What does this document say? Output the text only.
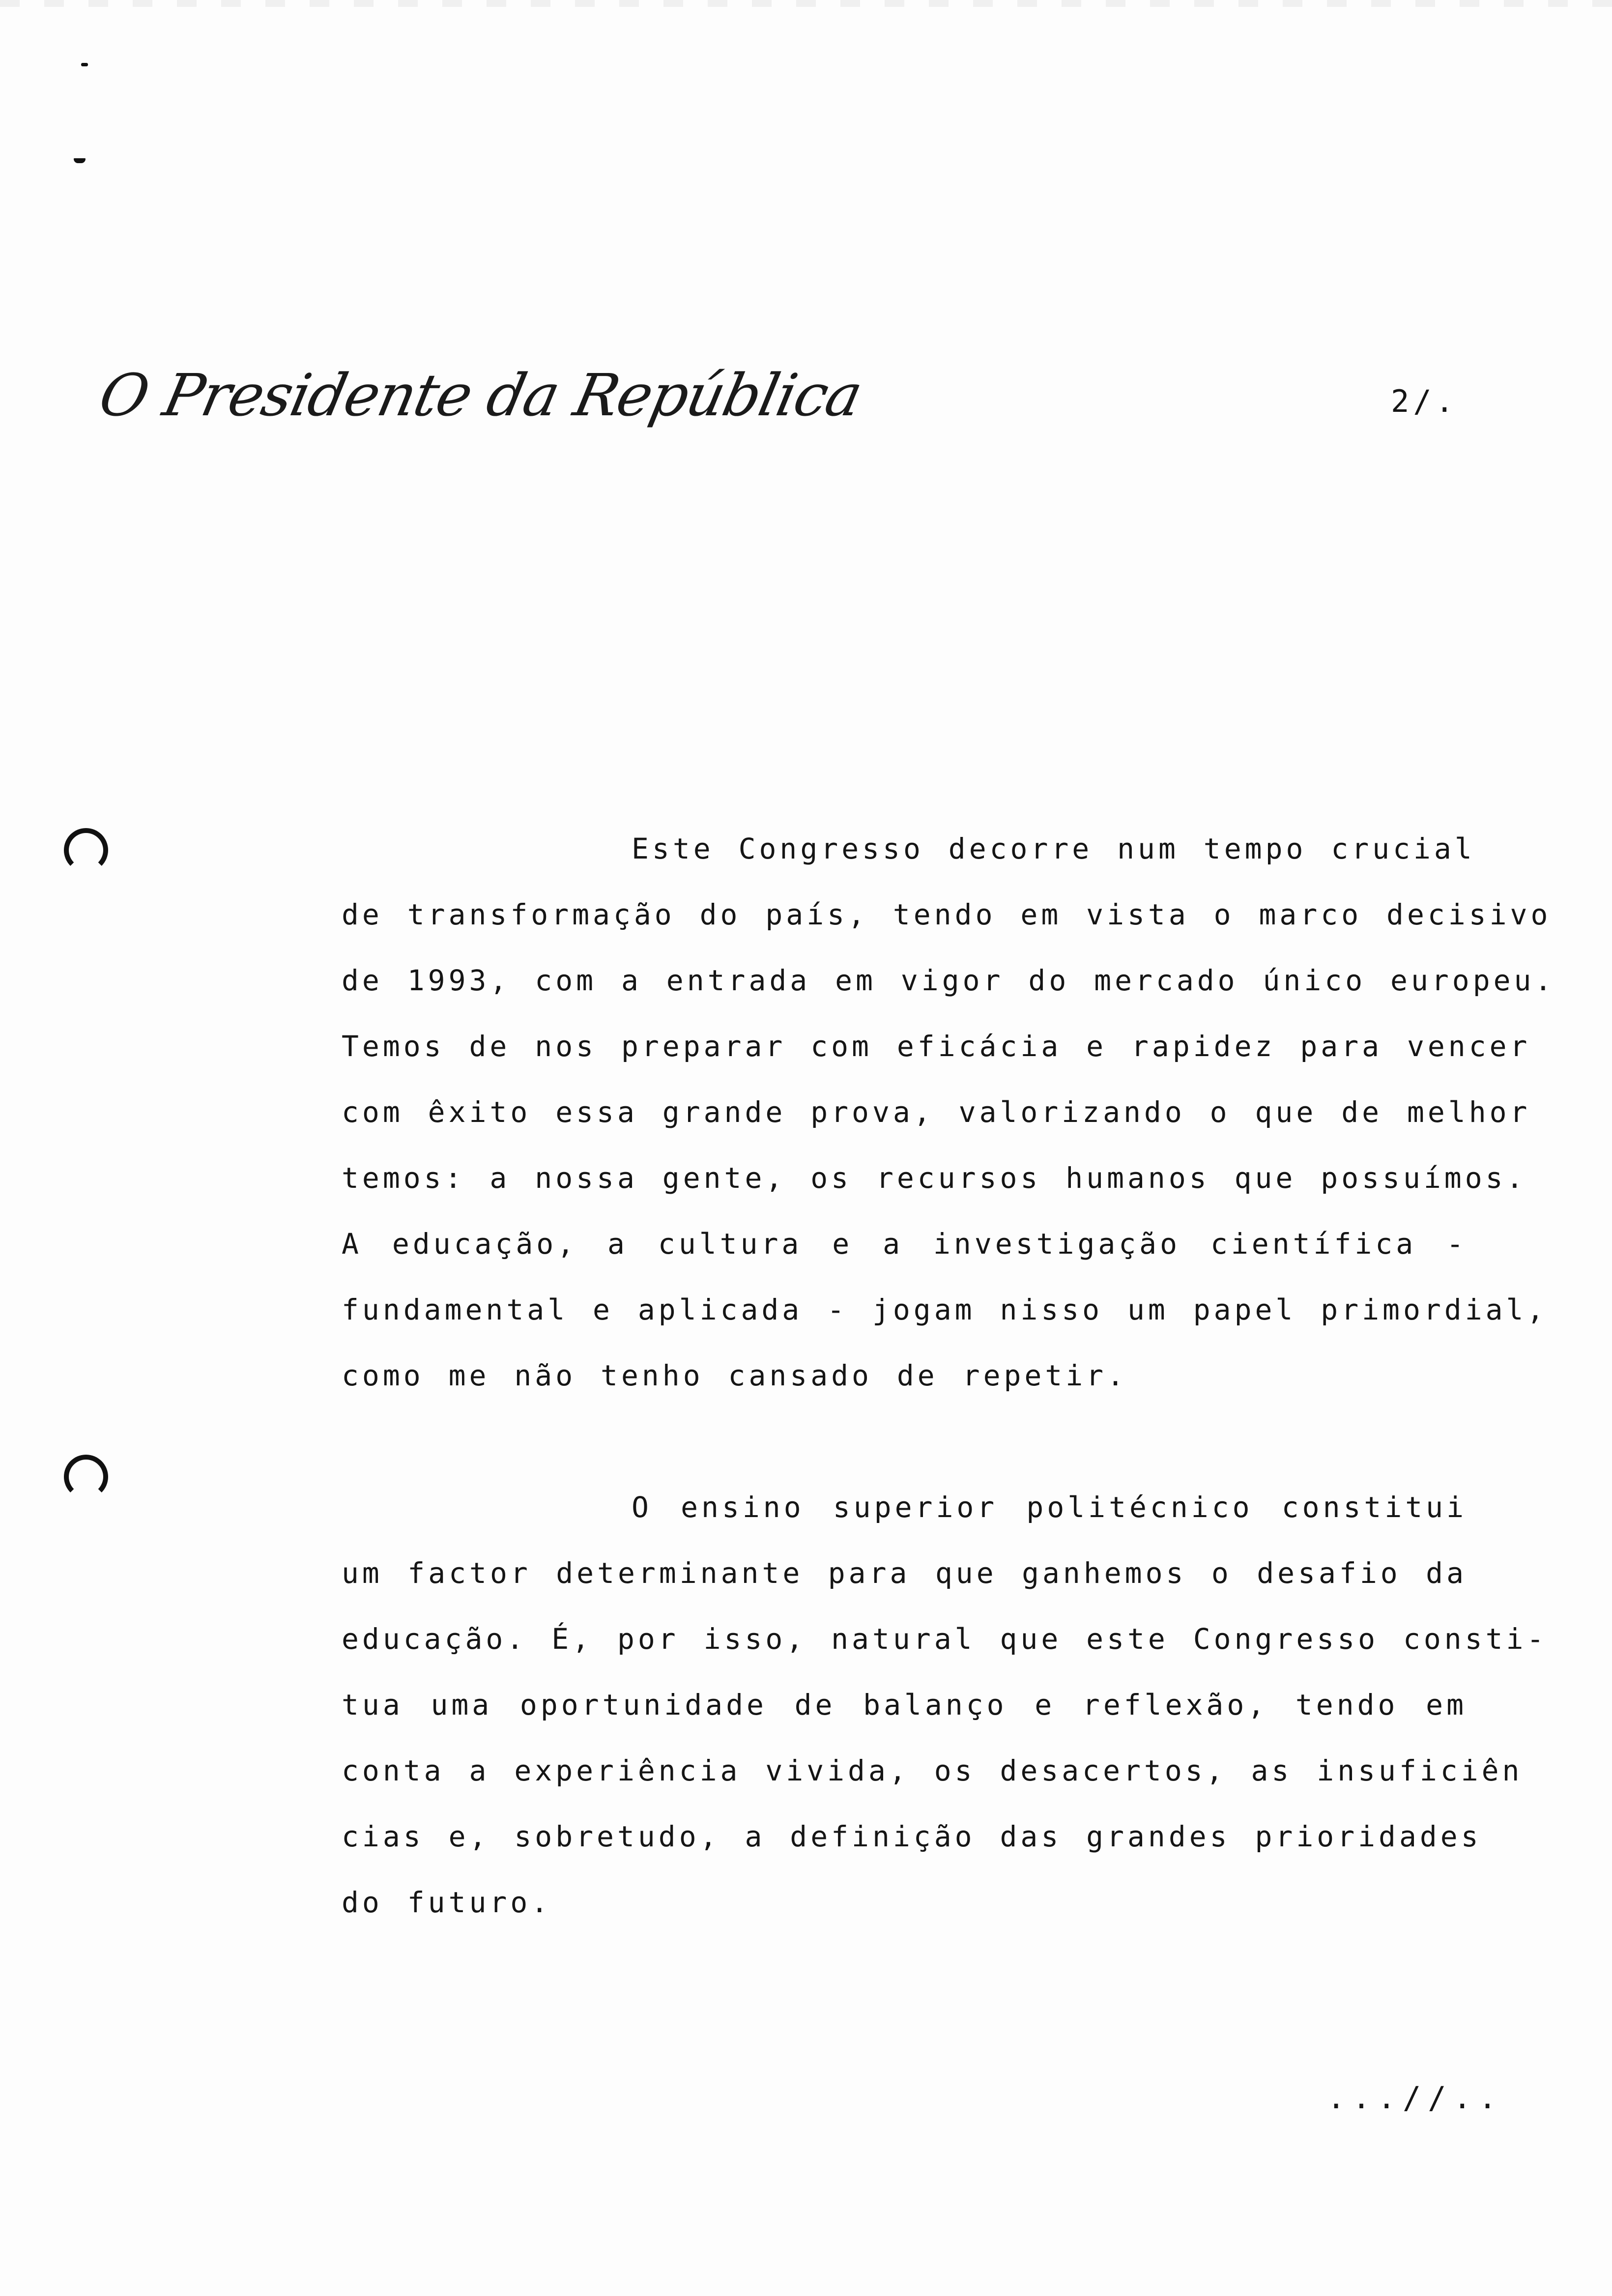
O Presidente da República	2/.

Este Congresso decorre num tempo crucial
de transformação do país, tendo em vista o marco decisivo
de 1993, com a entrada em vigor do mercado único europeu.
Temos de nos preparar com eficácia e rapidez para vencer
com êxito essa grande prova, valorizando o que de melhor
temos: a nossa gente, os recursos humanos que possuímos.
A educação, a cultura e a investigação científica -
fundamental e aplicada - jogam nisso um papel primordial,
como me não tenho cansado de repetir.

O ensino superior politécnico constitui
um factor determinante para que ganhemos o desafio da
educação. É, por isso, natural que este Congresso consti-
tua uma oportunidade de balanço e reflexão, tendo em
conta a experiência vivida, os desacertos, as insuficiên
cias e, sobretudo, a definição das grandes prioridades
do futuro.

...//..
